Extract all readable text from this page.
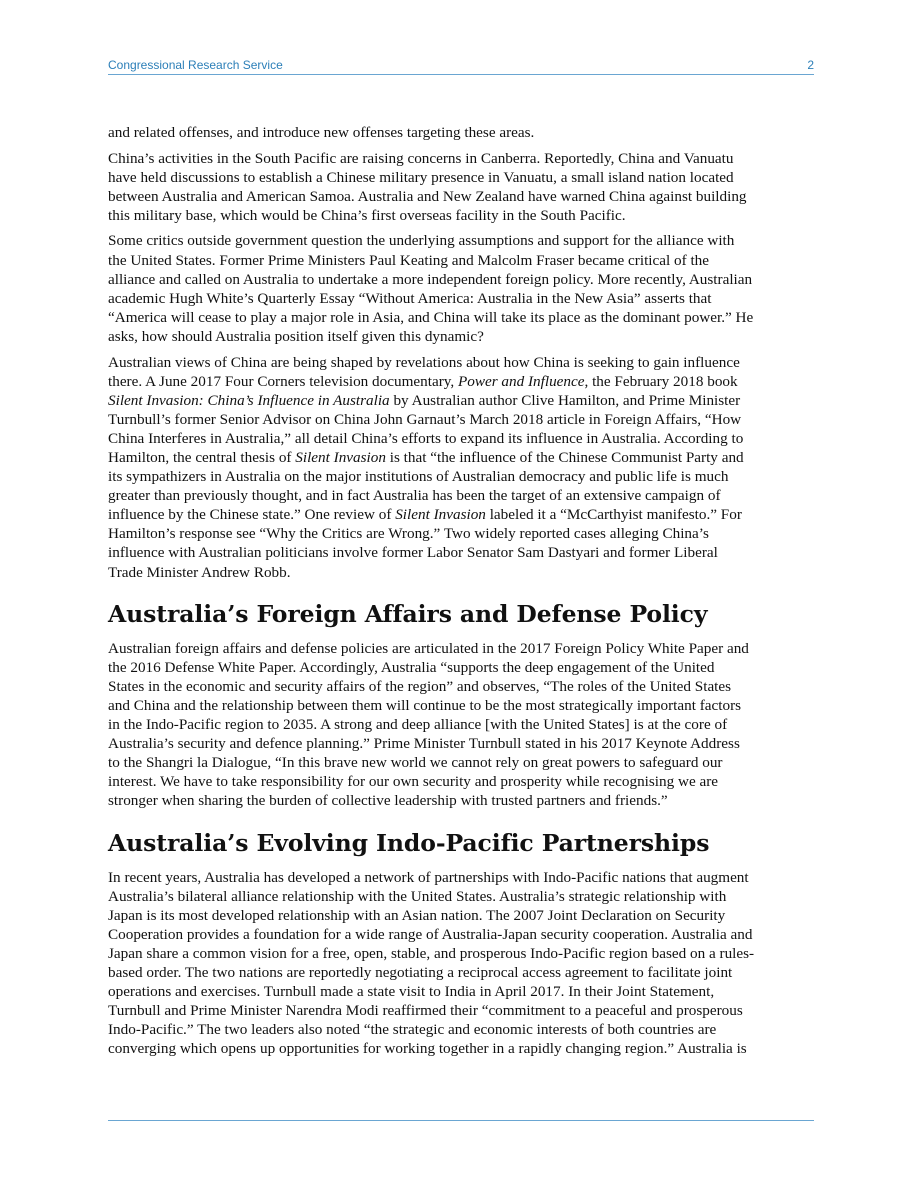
Congressional Research Service	2

and related offenses, and introduce new offenses targeting these areas.

China’s activities in the South Pacific are raising concerns in Canberra. Reportedly, China and Vanuatu
have held discussions to establish a Chinese military presence in Vanuatu, a small island nation located
between Australia and American Samoa. Australia and New Zealand have warned China against building
this military base, which would be China’s first overseas facility in the South Pacific.

Some critics outside government question the underlying assumptions and support for the alliance with
the United States. Former Prime Ministers Paul Keating and Malcolm Fraser became critical of the
alliance and called on Australia to undertake a more independent foreign policy. More recently, Australian
academic Hugh White’s Quarterly Essay “Without America: Australia in the New Asia” asserts that
“America will cease to play a major role in Asia, and China will take its place as the dominant power.” He
asks, how should Australia position itself given this dynamic?

Australian views of China are being shaped by revelations about how China is seeking to gain influence
there. A June 2017 Four Corners television documentary, Power and Influence, the February 2018 book
Silent Invasion: China’s Influence in Australia by Australian author Clive Hamilton, and Prime Minister
Turnbull’s former Senior Advisor on China John Garnaut’s March 2018 article in Foreign Affairs, “How
China Interferes in Australia,” all detail China’s efforts to expand its influence in Australia. According to
Hamilton, the central thesis of Silent Invasion is that “the influence of the Chinese Communist Party and
its sympathizers in Australia on the major institutions of Australian democracy and public life is much
greater than previously thought, and in fact Australia has been the target of an extensive campaign of
influence by the Chinese state.” One review of Silent Invasion labeled it a “McCarthyist manifesto.” For
Hamilton’s response see “Why the Critics are Wrong.” Two widely reported cases alleging China’s
influence with Australian politicians involve former Labor Senator Sam Dastyari and former Liberal
Trade Minister Andrew Robb.

Australia’s Foreign Affairs and Defense Policy

Australian foreign affairs and defense policies are articulated in the 2017 Foreign Policy White Paper and
the 2016 Defense White Paper. Accordingly, Australia “supports the deep engagement of the United
States in the economic and security affairs of the region” and observes, “The roles of the United States
and China and the relationship between them will continue to be the most strategically important factors
in the Indo-Pacific region to 2035. A strong and deep alliance [with the United States] is at the core of
Australia’s security and defence planning.” Prime Minister Turnbull stated in his 2017 Keynote Address
to the Shangri la Dialogue, “In this brave new world we cannot rely on great powers to safeguard our
interest. We have to take responsibility for our own security and prosperity while recognising we are
stronger when sharing the burden of collective leadership with trusted partners and friends.”

Australia’s Evolving Indo-Pacific Partnerships

In recent years, Australia has developed a network of partnerships with Indo-Pacific nations that augment
Australia’s bilateral alliance relationship with the United States. Australia’s strategic relationship with
Japan is its most developed relationship with an Asian nation. The 2007 Joint Declaration on Security
Cooperation provides a foundation for a wide range of Australia-Japan security cooperation. Australia and
Japan share a common vision for a free, open, stable, and prosperous Indo-Pacific region based on a rules-
based order. The two nations are reportedly negotiating a reciprocal access agreement to facilitate joint
operations and exercises. Turnbull made a state visit to India in April 2017. In their Joint Statement,
Turnbull and Prime Minister Narendra Modi reaffirmed their “commitment to a peaceful and prosperous
Indo-Pacific.” The two leaders also noted “the strategic and economic interests of both countries are
converging which opens up opportunities for working together in a rapidly changing region.” Australia is
